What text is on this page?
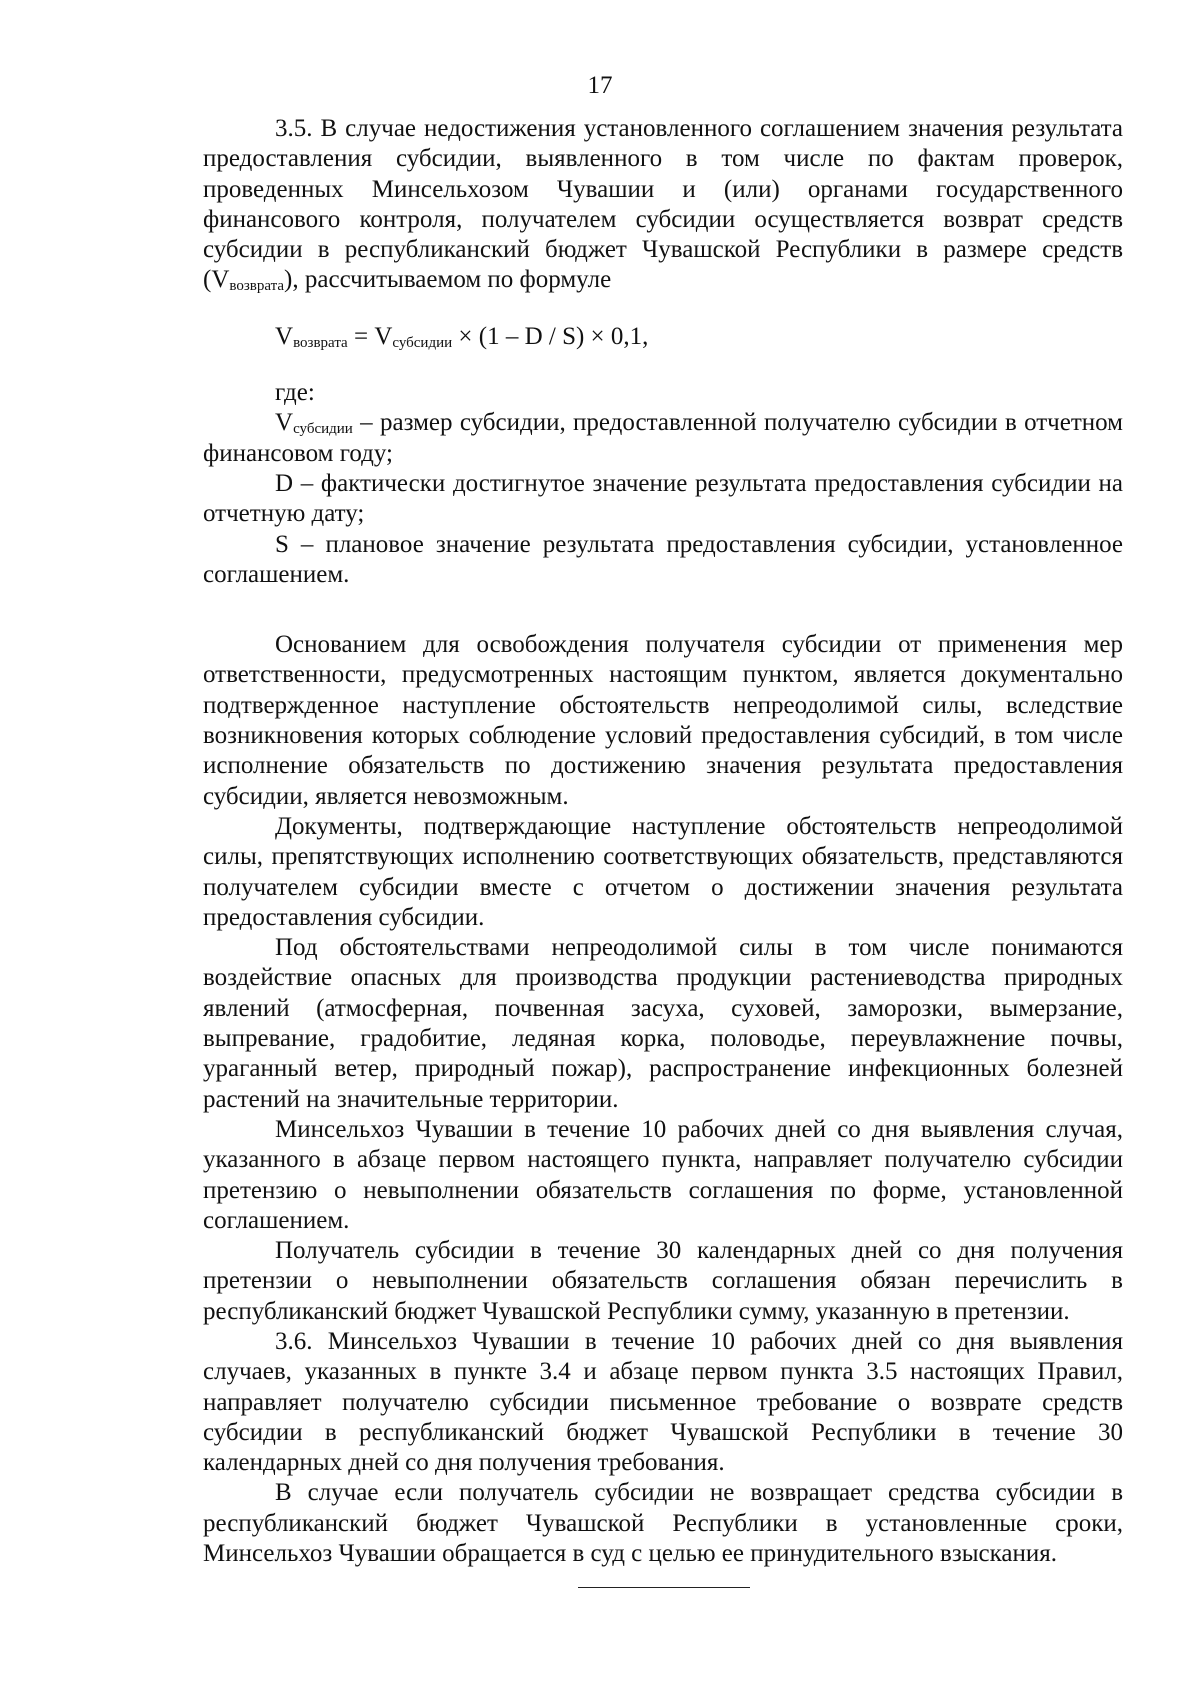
17

3.5. В случае недостижения установленного соглашением значения результата предоставления субсидии, выявленного в том числе по фактам проверок, проведенных Минсельхозом Чувашии и (или) органами государственного финансового контроля, получателем субсидии осуществляется возврат средств субсидии в республиканский бюджет Чувашской Республики в размере средств $(V_{возврата})$, рассчитываемом по формуле

$V_{возврата} = V_{субсидии} \times (1 - D / S) \times 0,1$,

где:

$V_{субсидии}$ – размер субсидии, предоставленной получателю субсидии в отчетном финансовом году;

D – фактически достигнутое значение результата предоставления субсидии на отчетную дату;

S – плановое значение результата предоставления субсидии, установленное соглашением.

Основанием для освобождения получателя субсидии от применения мер ответственности, предусмотренных настоящим пунктом, является документально подтвержденное наступление обстоятельств непреодолимой силы, вследствие возникновения которых соблюдение условий предоставления субсидий, в том числе исполнение обязательств по достижению значения результата предоставления субсидии, является невозможным.

Документы, подтверждающие наступление обстоятельств непреодолимой силы, препятствующих исполнению соответствующих обязательств, представляются получателем субсидии вместе с отчетом о достижении значения результата предоставления субсидии.

Под обстоятельствами непреодолимой силы в том числе понимаются воздействие опасных для производства продукции растениеводства природных явлений (атмосферная, почвенная засуха, суховей, заморозки, вымерзание, выпревание, градобитие, ледяная корка, половодье, переувлажнение почвы, ураганный ветер, природный пожар), распространение инфекционных болезней растений на значительные территории.

Минсельхоз Чувашии в течение 10 рабочих дней со дня выявления случая, указанного в абзаце первом настоящего пункта, направляет получателю субсидии претензию о невыполнении обязательств соглашения по форме, установленной соглашением.

Получатель субсидии в течение 30 календарных дней со дня получения претензии о невыполнении обязательств соглашения обязан перечислить в республиканский бюджет Чувашской Республики сумму, указанную в претензии.

3.6. Минсельхоз Чувашии в течение 10 рабочих дней со дня выявления случаев, указанных в пункте 3.4 и абзаце первом пункта 3.5 настоящих Правил, направляет получателю субсидии письменное требование о возврате средств субсидии в республиканский бюджет Чувашской Республики в течение 30 календарных дней со дня получения требования.

В случае если получатель субсидии не возвращает средства субсидии в республиканский бюджет Чувашской Республики в установленные сроки, Минсельхоз Чувашии обращается в суд с целью ее принудительного взыскания.
